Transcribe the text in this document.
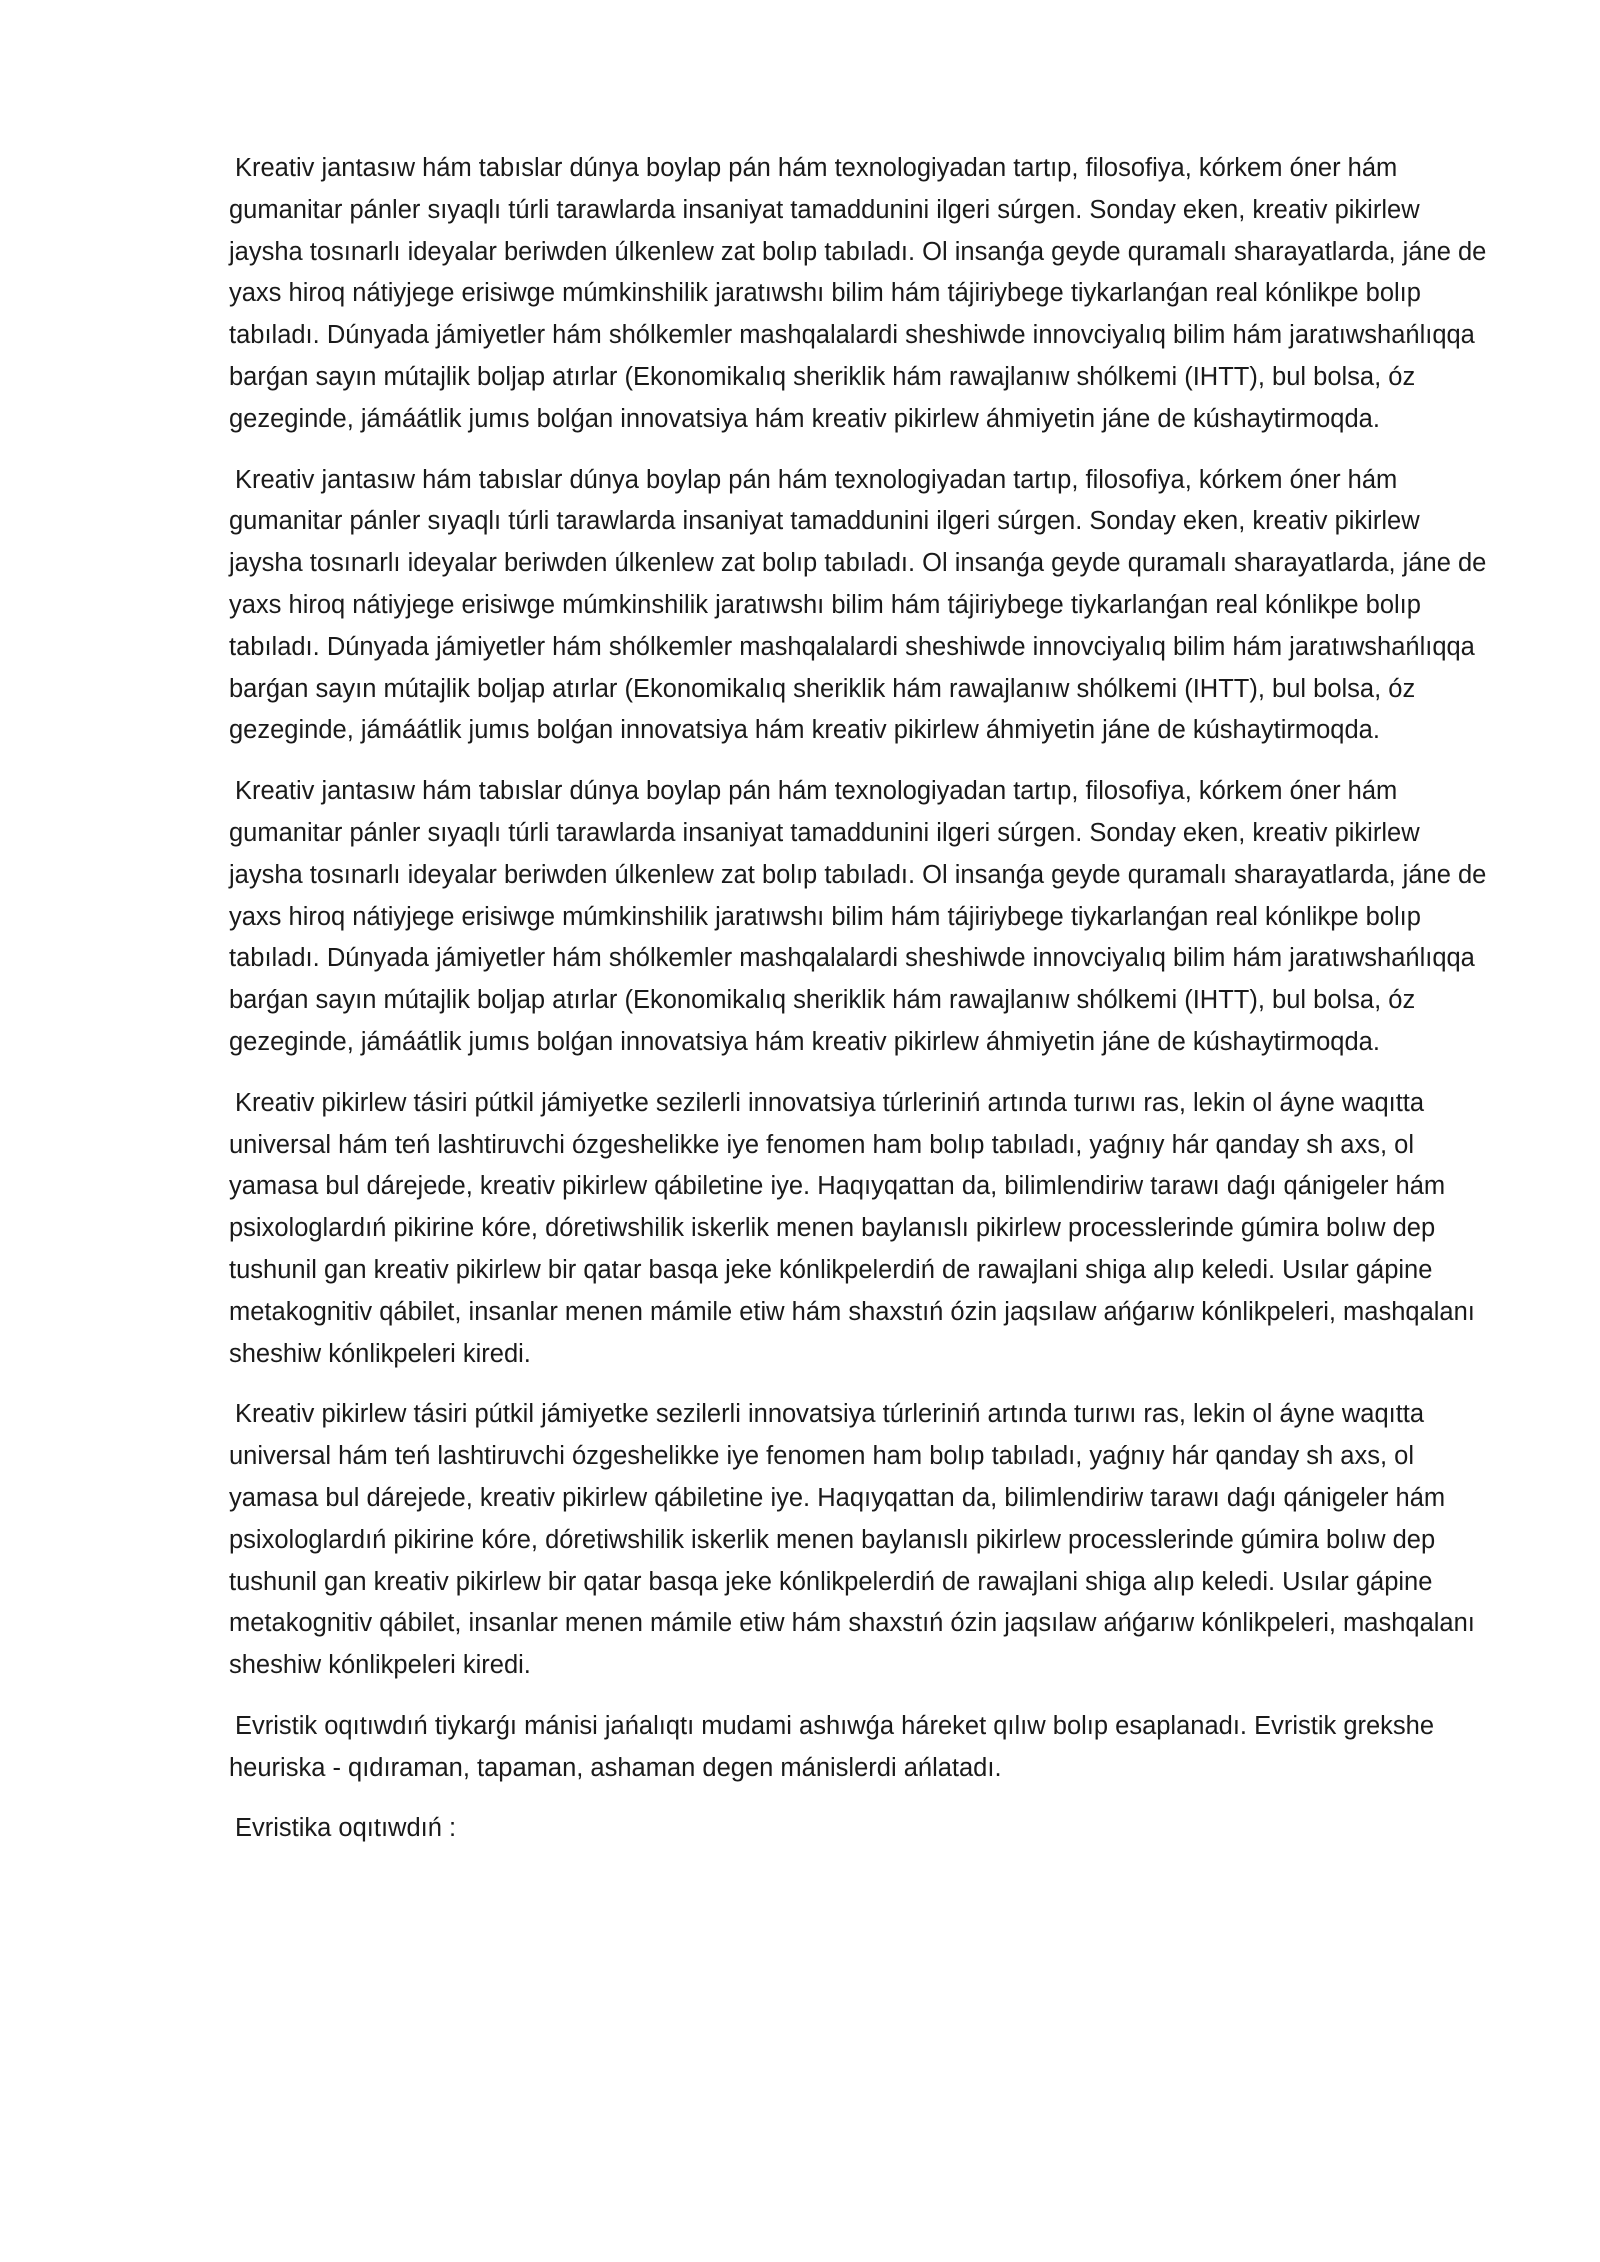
Kreativ jantasıw hám tabıslar dúnya boylap pán hám texnologiyadan tartıp, filosofiya, kórkem óner hám gumanitar pánler sıyaqlı túrli tarawlarda insaniyat tamaddunini ilgeri súrgen. Sonday eken, kreativ pikirlew jaysha tosınarlı ideyalar beriwden úlkenlew zat bolıp tabıladı. Ol insanǵa geyde quramalı sharayatlarda, jáne de yaxs hiroq nátiyjege erisiwge múmkinshilik jaratıwshı bilim hám tájiriybege tiykarlanǵan real kónlikpe bolıp tabıladı. Dúnyada jámiyetler hám shólkemler mashqalalardi sheshiwde innovciyalıq bilim hám jaratıwshańlıqqa barǵan sayın mútajlik boljap atırlar (Ekonomikalıq sheriklik hám rawajlanıw shólkemi (IHTT), bul bolsa, óz gezeginde, jámáátlik jumıs bolǵan innovatsiya hám kreativ pikirlew áhmiyetin jáne de kúshaytirmoqda.

Kreativ jantasıw hám tabıslar dúnya boylap pán hám texnologiyadan tartıp, filosofiya, kórkem óner hám gumanitar pánler sıyaqlı túrli tarawlarda insaniyat tamaddunini ilgeri súrgen. Sonday eken, kreativ pikirlew jaysha tosınarlı ideyalar beriwden úlkenlew zat bolıp tabıladı. Ol insanǵa geyde quramalı sharayatlarda, jáne de yaxs hiroq nátiyjege erisiwge múmkinshilik jaratıwshı bilim hám tájiriybege tiykarlanǵan real kónlikpe bolıp tabıladı. Dúnyada jámiyetler hám shólkemler mashqalalardi sheshiwde innovciyalıq bilim hám jaratıwshańlıqqa barǵan sayın mútajlik boljap atırlar (Ekonomikalıq sheriklik hám rawajlanıw shólkemi (IHTT), bul bolsa, óz gezeginde, jámáátlik jumıs bolǵan innovatsiya hám kreativ pikirlew áhmiyetin jáne de kúshaytirmoqda.

Kreativ jantasıw hám tabıslar dúnya boylap pán hám texnologiyadan tartıp, filosofiya, kórkem óner hám gumanitar pánler sıyaqlı túrli tarawlarda insaniyat tamaddunini ilgeri súrgen. Sonday eken, kreativ pikirlew jaysha tosınarlı ideyalar beriwden úlkenlew zat bolıp tabıladı. Ol insanǵa geyde quramalı sharayatlarda, jáne de yaxs hiroq nátiyjege erisiwge múmkinshilik jaratıwshı bilim hám tájiriybege tiykarlanǵan real kónlikpe bolıp tabıladı. Dúnyada jámiyetler hám shólkemler mashqalalardi sheshiwde innovciyalıq bilim hám jaratıwshańlıqqa barǵan sayın mútajlik boljap atırlar (Ekonomikalıq sheriklik hám rawajlanıw shólkemi (IHTT), bul bolsa, óz gezeginde, jámáátlik jumıs bolǵan innovatsiya hám kreativ pikirlew áhmiyetin jáne de kúshaytirmoqda.

Kreativ pikirlew tásiri pútkil jámiyetke sezilerli innovatsiya túrleriniń artında turıwı ras, lekin ol áyne waqıtta universal hám teń lashtiruvchi ózgeshelikke iye fenomen ham bolıp tabıladı, yaǵnıy hár qanday sh axs, ol yamasa bul dárejede, kreativ pikirlew qábiletine iye. Haqıyqattan da, bilimlendiriw tarawı daǵı qánigeler hám psixologlardıń pikirine kóre, dóretiwshilik iskerlik menen baylanıslı pikirlew processlerinde gúmira bolıw dep tushunil gan kreativ pikirlew bir qatar basqa jeke kónlikpelerdiń de rawajlani shiga alıp keledi. Usılar gápine metakognitiv qábilet, insanlar menen mámile etiw hám shaxstıń ózin jaqsılaw ańǵarıw kónlikpeleri, mashqalanı sheshiw kónlikpeleri kiredi.

Kreativ pikirlew tásiri pútkil jámiyetke sezilerli innovatsiya túrleriniń artında turıwı ras, lekin ol áyne waqıtta universal hám teń lashtiruvchi ózgeshelikke iye fenomen ham bolıp tabıladı, yaǵnıy hár qanday sh axs, ol yamasa bul dárejede, kreativ pikirlew qábiletine iye. Haqıyqattan da, bilimlendiriw tarawı daǵı qánigeler hám psixologlardıń pikirine kóre, dóretiwshilik iskerlik menen baylanıslı pikirlew processlerinde gúmira bolıw dep tushunil gan kreativ pikirlew bir qatar basqa jeke kónlikpelerdiń de rawajlani shiga alıp keledi. Usılar gápine metakognitiv qábilet, insanlar menen mámile etiw hám shaxstıń ózin jaqsılaw ańǵarıw kónlikpeleri, mashqalanı sheshiw kónlikpeleri kiredi.

Evristik oqıtıwdıń tiykarǵı mánisi jańalıqtı mudami ashıwǵa háreket qılıw bolıp esaplanadı. Evristik grekshe heuriska - qıdıraman, tapaman, ashaman degen mánislerdi ańlatadı.

Evristika oqıtıwdıń :
